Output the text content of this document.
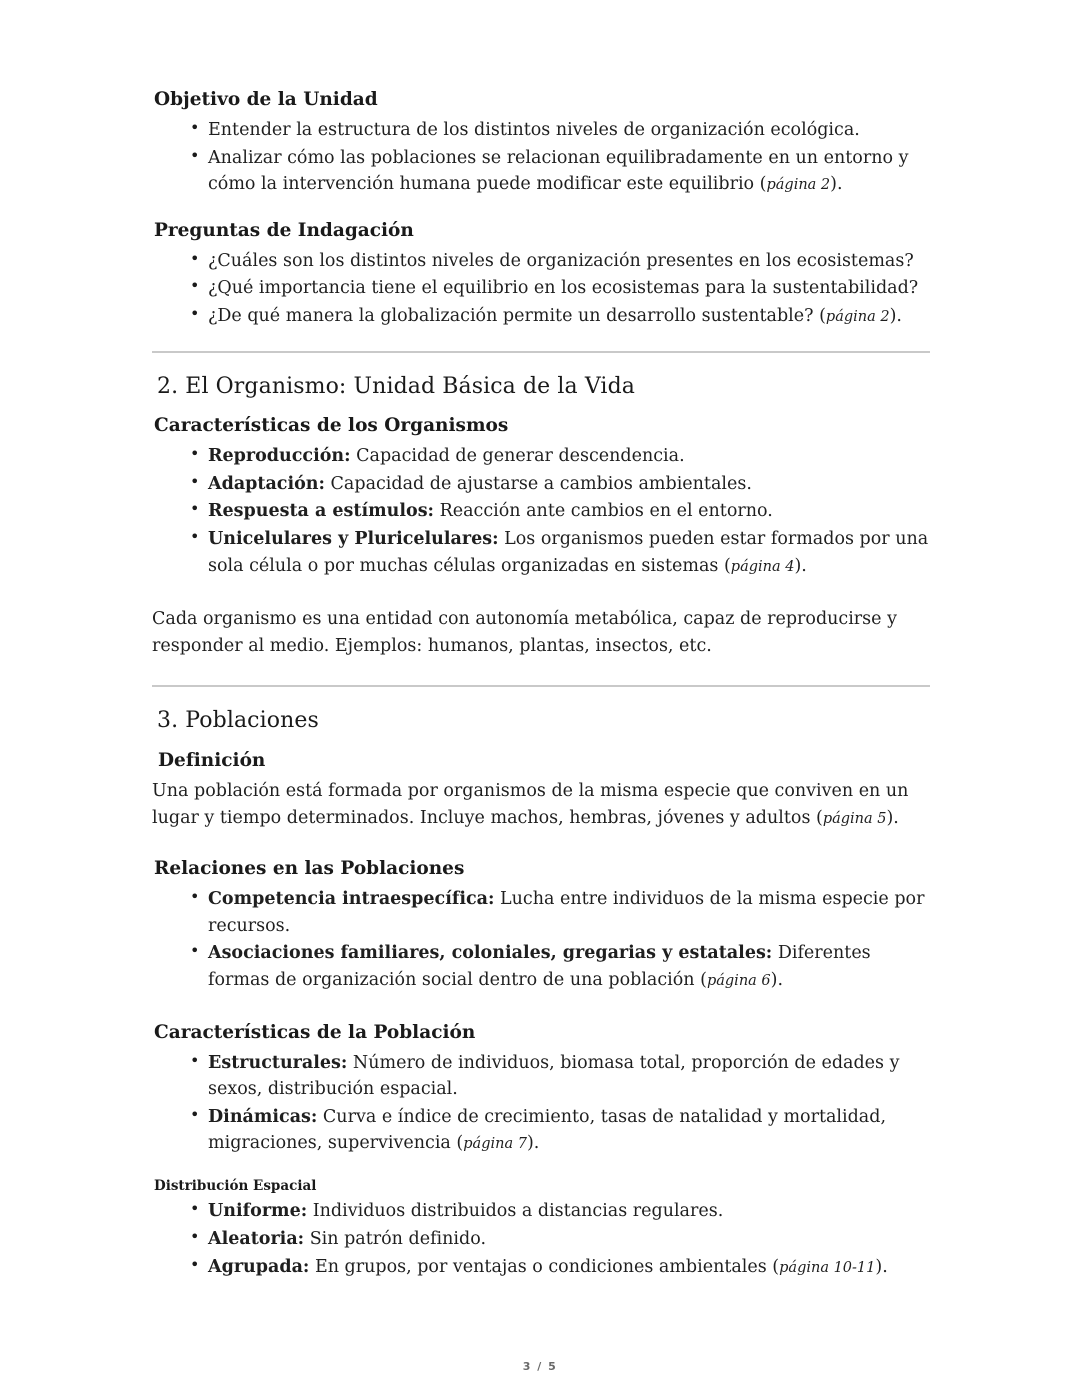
Objetivo de la Unidad
• Entender la estructura de los distintos niveles de organización ecológica.
• Analizar cómo las poblaciones se relacionan equilibradamente en un entorno y cómo la intervención humana puede modificar este equilibrio (página 2).
Preguntas de Indagación
• ¿Cuáles son los distintos niveles de organización presentes en los ecosistemas?
• ¿Qué importancia tiene el equilibrio en los ecosistemas para la sustentabilidad?
• ¿De qué manera la globalización permite un desarrollo sustentable? (página 2).
2. El Organismo: Unidad Básica de la Vida
Características de los Organismos
• Reproducción: Capacidad de generar descendencia.
• Adaptación: Capacidad de ajustarse a cambios ambientales.
• Respuesta a estímulos: Reacción ante cambios en el entorno.
• Unicelulares y Pluricelulares: Los organismos pueden estar formados por una sola célula o por muchas células organizadas en sistemas (página 4).

Cada organismo es una entidad con autonomía metabólica, capaz de reproducirse y responder al medio. Ejemplos: humanos, plantas, insectos, etc.

3. Poblaciones
Definición

Una población está formada por organismos de la misma especie que conviven en un lugar y tiempo determinados. Incluye machos, hembras, jóvenes y adultos (página 5).

Relaciones en las Poblaciones
• Competencia intraespecífica: Lucha entre individuos de la misma especie por recursos.
• Asociaciones familiares, coloniales, gregarias y estatales: Diferentes formas de organización social dentro de una población (página 6).
Características de la Población
• Estructurales: Número de individuos, biomasa total, proporción de edades y sexos, distribución espacial.
• Dinámicas: Curva e índice de crecimiento, tasas de natalidad y mortalidad, migraciones, supervivencia (página 7).
Distribución Espacial
• Uniforme: Individuos distribuidos a distancias regulares.
• Aleatoria: Sin patrón definido.
• Agrupada: En grupos, por ventajas o condiciones ambientales (página 10-11).
3 / 5
